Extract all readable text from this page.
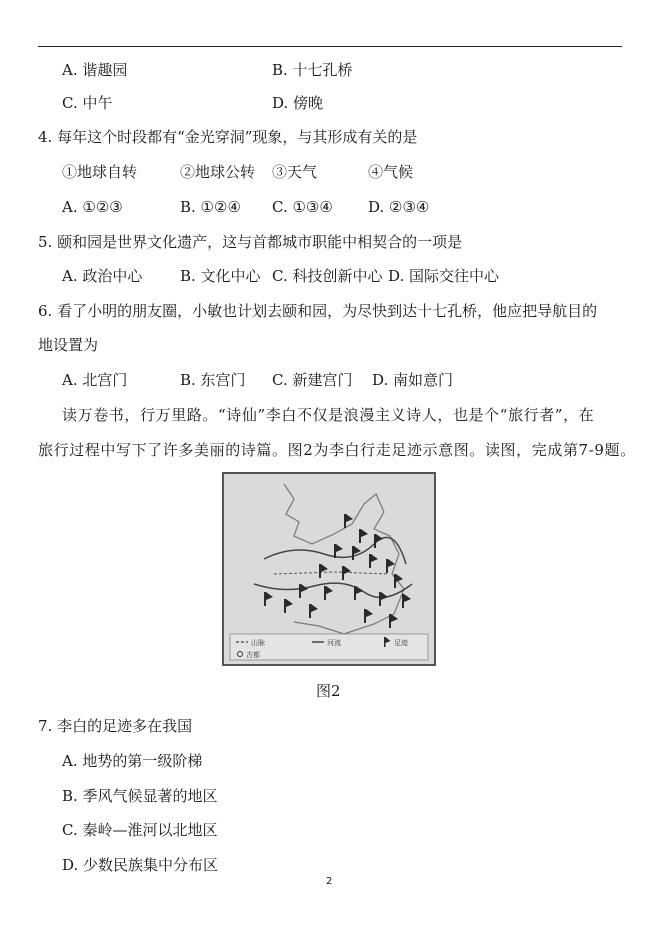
A. 谐趣园	B. 十七孔桥
C. 中午	D. 傍晚
4. 每年这个时段都有“金光穿洞”现象，与其形成有关的是
①地球自转	②地球公转 ③天气	④气候
A. ①②③	B. ①②④ C. ①③④ D. ②③④
5. 颐和园是世界文化遗产，这与首都城市职能中相契合的一项是
A. 政治中心	B. 文化中心 C. 科技创新中心 D. 国际交往中心
6. 看了小明的朋友圈，小敏也计划去颐和园，为尽快到达十七孔桥，他应把导航目的
地设置为
A. 北宫门	B. 东宫门 C. 新建宫门 D. 南如意门
读万卷书，行万里路。“诗仙”李白不仅是浪漫主义诗人，也是个“旅行者”，在
旅行过程中写下了许多美丽的诗篇。图2为李白行走足迹示意图。读图，完成第7-9题。
山脉	河流	足迹
古都
图2
7. 李白的足迹多在我国
A. 地势的第一级阶梯
B. 季风气候显著的地区
C. 秦岭—淮河以北地区
D. 少数民族集中分布区
2
